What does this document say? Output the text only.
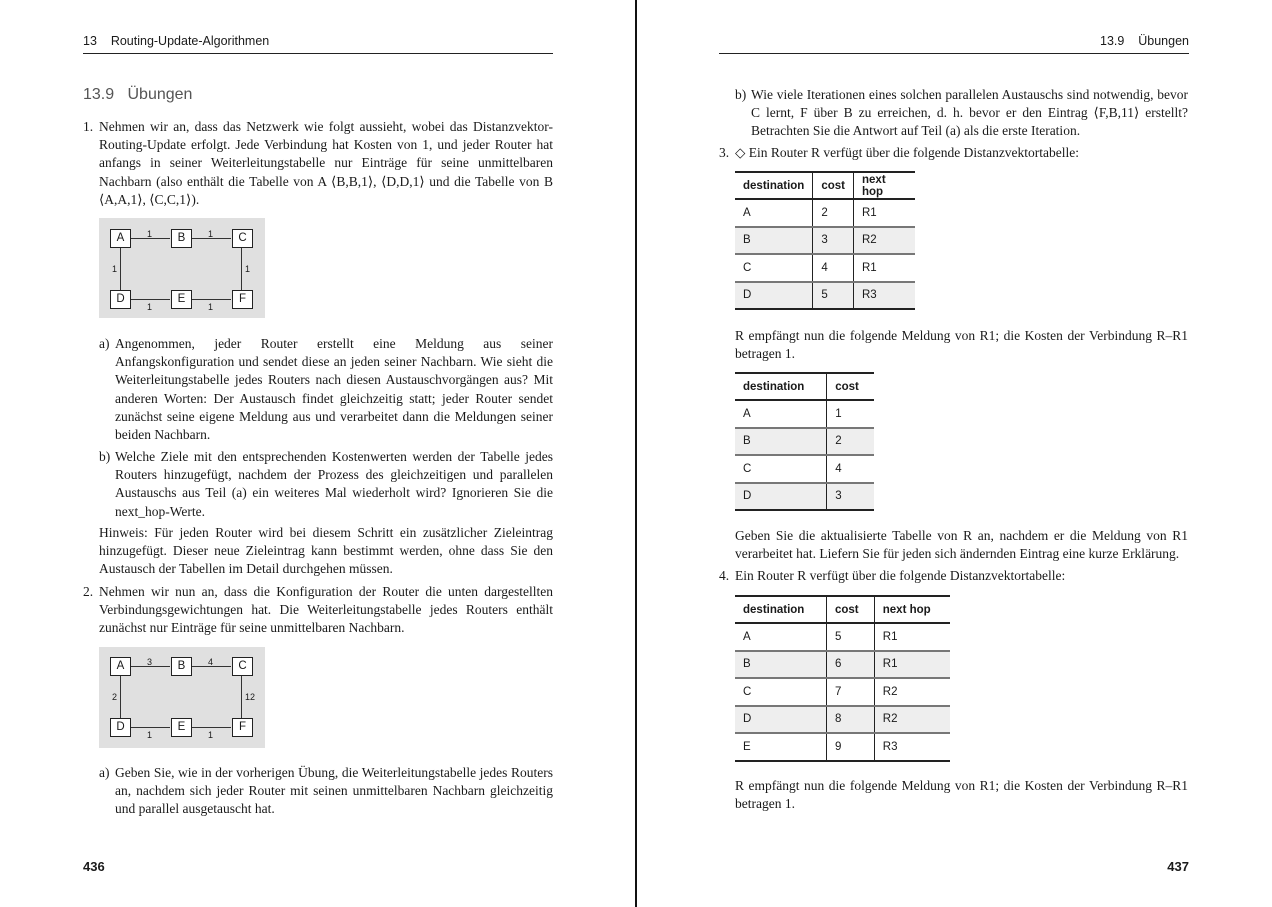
13 Routing-Update-Algorithmen
13.9 Übungen
1. Nehmen wir an, dass das Netzwerk wie folgt aussieht, wobei das Distanzvektor-Routing-Update erfolgt. Jede Verbindung hat Kosten von 1, und jeder Router hat anfangs in seiner Weiterleitungstabelle nur Einträge für seine unmittelbaren Nachbarn (also enthält die Tabelle von A ⟨B,B,1⟩, ⟨D,D,1⟩ und die Tabelle von B ⟨A,A,1⟩, ⟨C,C,1⟩).
A	B	C
D	E	F
1	1
1	1
1	1
a) Angenommen, jeder Router erstellt eine Meldung aus seiner Anfangskonfiguration und sendet diese an jeden seiner Nachbarn. Wie sieht die Weiterleitungstabelle jedes Routers nach diesen Austauschvorgängen aus? Mit anderen Worten: Der Austausch findet gleichzeitig statt; jeder Router sendet zunächst seine eigene Meldung aus und verarbeitet dann die Meldungen seiner beiden Nachbarn.
b) Welche Ziele mit den entsprechenden Kostenwerten werden der Tabelle jedes Routers hinzugefügt, nachdem der Prozess des gleichzeitigen und parallelen Austauschs aus Teil (a) ein weiteres Mal wiederholt wird? Ignorieren Sie die next_hop-Werte.
Hinweis: Für jeden Router wird bei diesem Schritt ein zusätzlicher Zieleintrag hinzugefügt. Dieser neue Zieleintrag kann bestimmt werden, ohne dass Sie den Austausch der Tabellen im Detail durchgehen müssen.
2. Nehmen wir nun an, dass die Konfiguration der Router die unten dargestellten Verbindungsgewichtungen hat. Die Weiterleitungstabelle jedes Routers enthält zunächst nur Einträge für seine unmittelbaren Nachbarn.
A	B	C
D	E	F
3	4
2	12
1	1
a) Geben Sie, wie in der vorherigen Übung, die Weiterleitungstabelle jedes Routers an, nachdem sich jeder Router mit seinen unmittelbaren Nachbarn gleichzeitig und parallel ausgetauscht hat.
436
13.9 Übungen
b) Wie viele Iterationen eines solchen parallelen Austauschs sind notwendig, bevor C lernt, F über B zu erreichen, d. h. bevor er den Eintrag ⟨F,B,11⟩ erstellt? Betrachten Sie die Antwort auf Teil (a) als die erste Iteration.
3. ◇ Ein Router R verfügt über die folgende Distanzvektortabelle:
destination	cost	next hop
A	2	R1
B	3	R2
C	4	R1
D	5	R3
R empfängt nun die folgende Meldung von R1; die Kosten der Verbindung R–R1 betragen 1.
destination	cost
A	1
B	2
C	4
D	3
Geben Sie die aktualisierte Tabelle von R an, nachdem er die Meldung von R1 verarbeitet hat. Liefern Sie für jeden sich ändernden Eintrag eine kurze Erklärung.
4. Ein Router R verfügt über die folgende Distanzvektortabelle:
destination	cost	next hop
A	5	R1
B	6	R1
C	7	R2
D	8	R2
E	9	R3
R empfängt nun die folgende Meldung von R1; die Kosten der Verbindung R–R1 betragen 1.
437
